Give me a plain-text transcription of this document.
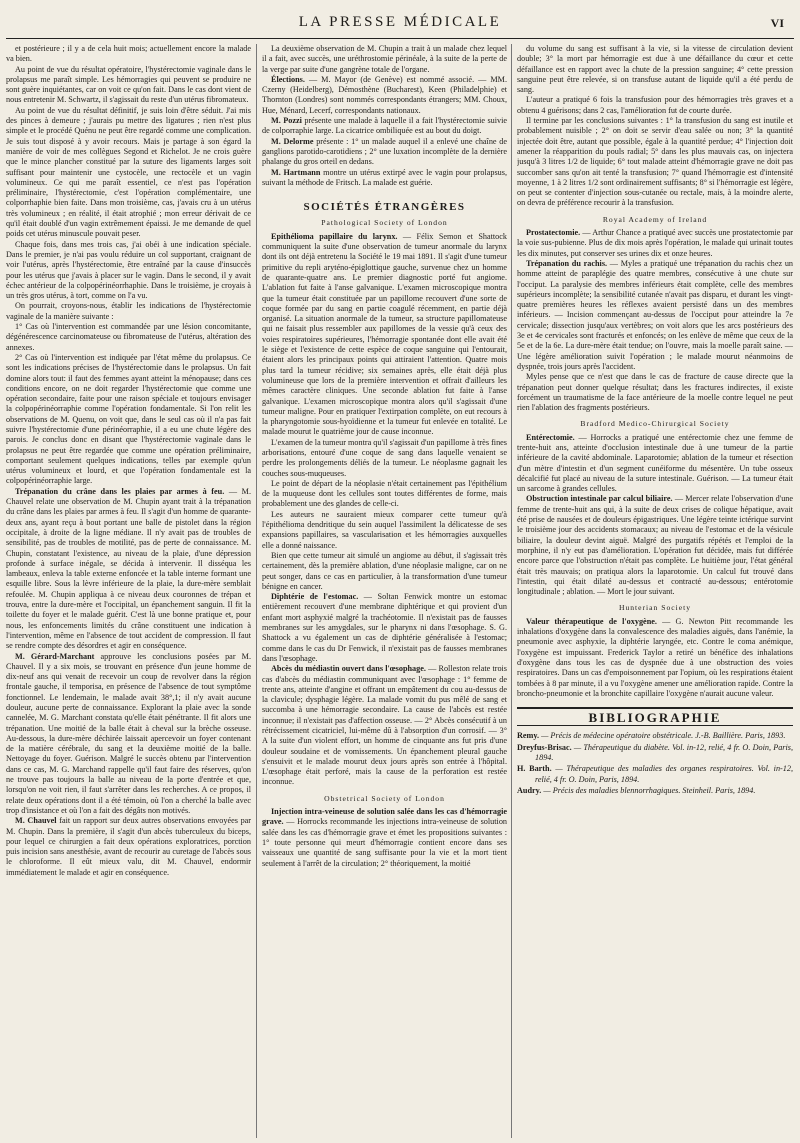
LA PRESSE MÉDICALE	VI

et postérieure ; il y a de cela huit mois; actuellement encore la malade va bien.

Au point de vue du résultat opératoire, l'hystérectomie vaginale dans le prolapsus me paraît simple. Les hémorragies qui peuvent se produire ne sont guère inquiétantes, car on voit ce qu'on fait. Dans le cas dont vient de nous entretenir M. Schwartz, il s'agissait du reste d'un utérus fibromateux.

Au point de vue du résultat définitif, je suis loin d'être séduit. J'ai mis des pinces à demeure ; j'aurais pu mettre des ligatures ; rien n'est plus simple et le procédé Quénu ne peut être regardé comme une complication. Je suis tout disposé à y avoir recours. Mais je partage à son égard la manière de voir de mes collègues Segond et Richelot. Je ne crois guère que le mince plancher constitué par la suture des ligaments larges soit suffisant pour maintenir une cystocèle, une rectocèle et un vagin volumineux. Ce qui me paraît essentiel, ce n'est pas l'opération préliminaire, l'hystérectomie, c'est l'opération complémentaire, une colporrhaphie bien faite. Dans mon troisième, cas, j'avais cru à un utérus très volumineux ; en réalité, il était atrophié ; mon erreur dérivait de ce qu'il était doublé d'un vagin extrêmement épaissi. Je me demande de quel poids cet utérus minuscule pouvait peser.

Chaque fois, dans mes trois cas, j'ai obéi à une indication spéciale. Dans le premier, je n'ai pas voulu réduire un col supportant, craignant de voir l'utérus, après l'hystérectomie, être entraîné par la cause d'insuccès pour les utérus que j'avais à placer sur le vagin. Dans le second, il y avait échec antérieur de la colpopérinéorrhaphie. Dans le troisième, je croyais à un très gros utérus, à tort, comme on l'a vu.

On pourrait, croyons-nous, établir les indications de l'hystérectomie vaginale de la manière suivante :

1° Cas où l'intervention est commandée par une lésion concomitante, dégénérescence carcinomateuse ou fibromateuse de l'utérus, altération des annexes.

2° Cas où l'intervention est indiquée par l'état même du prolapsus. Ce sont les indications précises de l'hystérectomie dans le prolapsus. Un fait domine alors tout: il faut des femmes ayant atteint la ménopause; dans ces conditions encore, on ne doit regarder l'hystérectomie que comme une opération secondaire, faite pour une raison spéciale et toujours envisager la colpopérinéorraphie comme l'opération fondamentale. Si l'on relit les observations de M. Quenu, on voit que, dans le seul cas où il n'a pas fait suivre l'hystérectomie d'une périnéorraphie, il a eu une chute légère des parois. Je conclus donc en disant que l'hystérectomie vaginale dans le prolapsus ne peut être regardée que comme une opération préliminaire, comportant seulement quelques indications, telles par exemple qu'un utérus volumineux et lourd, et que l'opération fondamentale est la colpopérinéorraphie large.

Trépanation du crâne dans les plaies par armes à feu. — M. Chauvel relate une observation de M. Chupin ayant trait à la trépanation du crâne dans les plaies par armes à feu. Il s'agit d'un homme de quarante-deux ans, ayant reçu à bout portant une balle de pistolet dans la région occipitale, à droite de la ligne médiane. Il n'y avait pas de troubles de sensibilité, pas de troubles de motilité, pas de perte de connaissance. M. Chupin, constatant l'existence, au niveau de la plaie, d'une dépression profonde à surface inégale, se décida à intervenir. Il disséqua les lambeaux, enleva la table externe enfoncée et la table interne formant une esquille libre. Sous la lèvre inférieure de la plaie, la dure-mère semblait refoulée. M. Chupin appliqua à ce niveau deux couronnes de trépan et trouva, entre la dure-mère et l'occipital, un épanchement sanguin. Il fit la toilette du foyer et le malade guérit. C'est là une bonne pratique et, pour nous, les enfoncements limités du crâne constituent une indication à l'intervention, même en l'absence de tout accident de compression. Il faut se rendre compte des désordres et agir en conséquence.

M. Gérard-Marchant approuve les conclusions posées par M. Chauvel. Il y a six mois, se trouvant en présence d'un jeune homme de dix-neuf ans qui venait de recevoir un coup de revolver dans la région frontale gauche, il temporisa, en présence de l'absence de tout symptôme fonctionnel. Le lendemain, le malade avait 38°,1; il n'y avait aucune douleur, aucune perte de connaissance. Explorant la plaie avec la sonde cannelée, M. G. Marchant constata qu'elle était pénétrante. Il fit alors une trépanation. Une moitié de la balle était à cheval sur la brèche osseuse. Au-dessous, la dure-mère déchirée laissait apercevoir un foyer contenant de la matière cérébrale, du sang et la deuxième moitié de la balle. Nettoyage du foyer. Guérison. Malgré le succès obtenu par l'intervention dans ce cas, M. G. Marchand rappelle qu'il faut faire des réserves, qu'on ne trouve pas toujours la balle au niveau de la porte d'entrée et que, lorsqu'on ne voit rien, il faut s'arrêter dans les recherches. A ce propos, il relate deux opérations dont il a été témoin, où l'on a cherché la balle avec trop d'insistance et où l'on a fait des dégâts non motivés.

M. Chauvel fait un rapport sur deux autres observations envoyées par M. Chupin. Dans la première, il s'agit d'un abcès tuberculeux du biceps, pour lequel ce chirurgien a fait deux opérations exploratrices, porction puis incision sans anesthésie, avant de recourir au curetage de l'abcès sous le chloroforme. Il eût mieux valu, dit M. Chauvel, endormir immédiatement le malade et agir en conséquence.

La deuxième observation de M. Chupin a trait à un malade chez lequel il a fait, avec succès, une uréthrostomie périnéale, à la suite de la perte de la verge par suite d'une gangrène totale de l'organe.

Élections. — M. Mayor (de Genève) est nommé associé. — MM. Czerny (Heidelberg), Démosthène (Bucharest), Keen (Philadelphie) et Thornton (Londres) sont nommés correspondants étrangers; MM. Choux, Hue, Ménard, Lecerf, correspondants nationaux.

M. Pozzi présente une malade à laquelle il a fait l'hystérectomie suivie de colporraphie large. La cicatrice ombiliquée est au bout du doigt.

M. Delorme présente : 1° un malade auquel il a enlevé une chaîne de ganglions parotido-carotidiens ; 2° une luxation incomplète de la dernière phalange du gros orteil en dedans.

M. Hartmann montre un utérus extirpé avec le vagin pour prolapsus, suivant la méthode de Fritsch. La malade est guérie.

SOCIÉTÉS ÉTRANGÈRES
Pathological Society of London

Epithélioma papillaire du larynx. — Félix Semon et Shattock communiquent la suite d'une observation de tumeur anormale du larynx dont ils ont déjà entretenu la Société le 19 mai 1891. Il s'agit d'une tumeur primitive du repli aryténo-épiglottique gauche, survenue chez un homme de quarante-quatre ans. Le premier diagnostic porté fut angiome. L'ablation fut faite à l'anse galvanique. L'examen microscopique montra que la tumeur était constituée par un papillome recouvert d'une sorte de coque formée par du sang en partie coagulé récemment, en partie déjà organisé. La situation anormale de la tumeur, sa structure papillomateuse qui ne faisait plus ressembler aux papillomes de la vessie qu'à ceux des voies respiratoires supérieures, l'hémorragie spontanée dont elle avait été le siège et l'existence de cette espèce de coque sanguine qui l'entourait, étaient alors les principaux points qui attiraient l'attention. Quatre mois plus tard la tumeur récidive; six semaines après, elle était déjà plus volumineuse que lors de la première intervention et offrait d'ailleurs les mêmes caractère cliniques. Une seconde ablation fut faite à l'anse galvanique. L'examen microscopique montra alors qu'il s'agissait d'une tumeur maligne. Pour en pratiquer l'extirpation complète, on eut recours à la pharyngotomie sous-hyoïdienne et la tumeur fut enlevée en totalité. Le malade mourut le quatrième jour de cause inconnue.

L'examen de la tumeur montra qu'il s'agissait d'un papillome à très fines arborisations, entouré d'une coque de sang dans laquelle venaient se perdre les prolongements déliés de la tumeur. Le néoplasme gagnait les couches sous-muqueuses.

Le point de départ de la néoplasie n'était certainement pas l'épithélium de la muqueuse dont les cellules sont toutes différentes de forme, mais probablement une des glandes de celle-ci.

Les auteurs ne sauraient mieux comparer cette tumeur qu'à l'épithélioma dendritique du sein auquel l'assimilent la délicatesse de ses expansions papillaires, sa vascularisation et les hémorragies auxquelles elle a donné naissance.

Bien que cette tumeur ait simulé un angiome au début, il s'agissait très certainement, dès la première ablation, d'une néoplasie maligne, car on ne peut songer, dans ce cas en particulier, à la transformation d'une tumeur bénigne en cancer.

Diphtérie de l'estomac. — Soltan Fenwick montre un estomac entièrement recouvert d'une membrane diphtérique et qui provient d'un enfant mort asphyxié malgré la trachéotomie. Il n'existait pas de fausses membranes sur les amygdales, sur le pharynx ni dans l'œsophage. S. G. Shattock a vu également un cas de diphtérie généralisée à l'estomac; comme dans le cas du Dr Fenwick, il n'existait pas de fausses membranes dans l'œsophage.

Abcès du médiastin ouvert dans l'œsophage. — Rolleston relate trois cas d'abcès du médiastin communiquant avec l'œsophage : 1° femme de trente ans, atteinte d'angine et offrant un empâtement du cou au-dessus de la clavicule; dysphagie légère. La malade vomit du pus mêlé de sang et succomba à une hémorragie secondaire. La cause de l'abcès est restée inconnue; il n'existait pas d'affection osseuse. — 2° Abcès consécutif à un rétrécissement cicatriciel, lui-même dû à l'absorption d'un corrosif. — 3° A la suite d'un violent effort, un homme de cinquante ans fut pris d'une douleur soudaine et de vomissements. Un épanchement pleural gauche s'ensuivit et le malade mourut deux jours après son entrée à l'hôpital. L'œsophage était perforé, mais la cause de la perforation est restée inconnue.

Obstetrical Society of London

Injection intra-veineuse de solution salée dans les cas d'hémorragie grave. — Horrocks recommande les injections intra-veineuse de solution salée dans les cas d'hémorragie grave et émet les propositions suivantes : 1° toute personne qui meurt d'hémorragie contient encore dans ses vaisseaux une quantité de sang suffisante pour la vie et la mort tient seulement à l'arrêt de la circulation; 2° théoriquement, la moitié

du volume du sang est suffisant à la vie, si la vitesse de circulation devient double; 3° la mort par hémorragie est due à une défaillance du cœur et cette défaillance est en rapport avec la chute de la pression sanguine; 4° cette pression sanguine peut être relevée, si on transfuse autant de liquide qu'il a été perdu de sang.

L'auteur a pratiqué 6 fois la transfusion pour des hémorragies très graves et a obtenu 4 guérisons; dans 2 cas, l'amélioration fut de courte durée.

Il termine par les conclusions suivantes : 1° la transfusion du sang est inutile et probablement nuisible ; 2° on doit se servir d'eau salée ou non; 3° la quantité injectée doit être, autant que possible, égale à la quantité perdue; 4° l'injection doit amener la réapparition du pouls radial; 5° dans les plus mauvais cas, on injectera jusqu'à 3 litres 1/2 de liquide; 6° tout malade atteint d'hémorragie grave ne doit pas succomber sans qu'on ait tenté la transfusion; 7° quand l'hémorragie est d'intensité moyenne, 1 à 2 litres 1/2 sont ordinairement suffisants; 8° si l'hémorragie est légère, on peut se contenter d'injection sous-cutanée ou rectale, mais, à la moindre alerte, on devra de préférence recourir à la transfusion.

Royal Academy of Ireland

Prostatectomie. — Arthur Chance a pratiqué avec succès une prostatectomie par la voie sus-pubienne. Plus de dix mois après l'opération, le malade qui urinait toutes les dix minutes, put conserver ses urines dix et onze heures.

Trépanation du rachis. — Myles a pratiqué une trépanation du rachis chez un homme atteint de paraplégie des quatre membres, consécutive à une chute sur l'occiput. La paralysie des membres inférieurs était complète, celle des membres supérieurs incomplète; la sensibilité cutanée n'avait pas disparu, et durant les vingt-quatre premières heures les réflexes avaient persisté dans un des membres inférieurs. — Incision commençant au-dessus de l'occiput pour atteindre la 7e cervicale; dissection jusqu'aux vertèbres; on voit alors que les arcs postérieurs des 3e et 4e cervicales sont fracturés et enfoncés; on les enlève de même que ceux de la 5e et de la 6e. La dure-mère était tendue; on l'ouvre, mais la moelle paraît saine. — Une légère amélioration suivit l'opération ; le malade mourut néanmoins de dyspnée, trois jours après l'accident.

Myles pense que ce n'est que dans le cas de fracture de cause directe que la trépanation peut donner quelque résultat; dans les fractures indirectes, il existe forcément un traumatisme de la face antérieure de la moelle contre lequel ne peut rien l'ablation des fragments postérieurs.

Bradford Medico-Chirurgical Society

Entérectomie. — Horrocks a pratiqué une entérectomie chez une femme de trente-huit ans, atteinte d'occlusion intestinale due à une tumeur de la partie inférieure de la cavité abdominale. Laparotomie; ablation de la tumeur et résection d'un mètre d'intestin et d'un segment cunéiforme du mésentère. Un tube osseux décalcifié fut placé au niveau de la suture intestinale. Guérison. — La tumeur était un sarcome à grandes cellules.

Obstruction intestinale par calcul biliaire. — Mercer relate l'observation d'une femme de trente-huit ans qui, à la suite de deux crises de colique hépatique, avait été prise de nausées et de douleurs épigastriques. Une légère teinte ictérique survint le troisième jour des accidents stomacaux; au niveau de l'estomac et de la vésicule biliaire, la douleur devint aiguë. Malgré des purgatifs répétés et l'emploi de la morphine, il n'y eut pas d'amélioration. L'opération fut décidée, mais fut différée encore parce que l'obstruction n'était pas complète. Le huitième jour, l'état général était très mauvais; on pratiqua alors la laparotomie. Un calcul fut trouvé dans l'intestin, qui était dilaté au-dessus et contracté au-dessous; entérotomie longitudinale ; ablation. — Mort le jour suivant.

Hunterian Society

Valeur thérapeutique de l'oxygène. — G. Newton Pitt recommande les inhalations d'oxygène dans la convalescence des maladies aiguës, dans l'anémie, la pneumonie avec asphyxie, la diphtérie laryngée, etc. Contre le coma anémique, l'oxygène est impuissant. Frederick Taylor a retiré un bénéfice des inhalations d'oxygène dans tous les cas de dyspnée due à une obstruction des voies respiratoires. Dans un cas d'empoisonnement par l'opium, où les respirations étaient tombées à 8 par minute, il a vu l'oxygène amener une amélioration rapide. Contre la broncho-pneumonie et la bronchite capillaire l'oxygène n'aurait aucune valeur.

BIBLIOGRAPHIE
Remy. — Précis de médecine opératoire obstétricale. J.-B. Baillière. Paris, 1893.
Dreyfus-Brisac. — Thérapeutique du diabète. Vol. in-12, relié, 4 fr. O. Doin, Paris, 1894.
H. Barth. — Thérapeutique des maladies des organes respiratoires. Vol. in-12, relié, 4 fr. O. Doin, Paris, 1894.
Audry. — Précis des maladies blennorrhagiques. Steinheil. Paris, 1894.
